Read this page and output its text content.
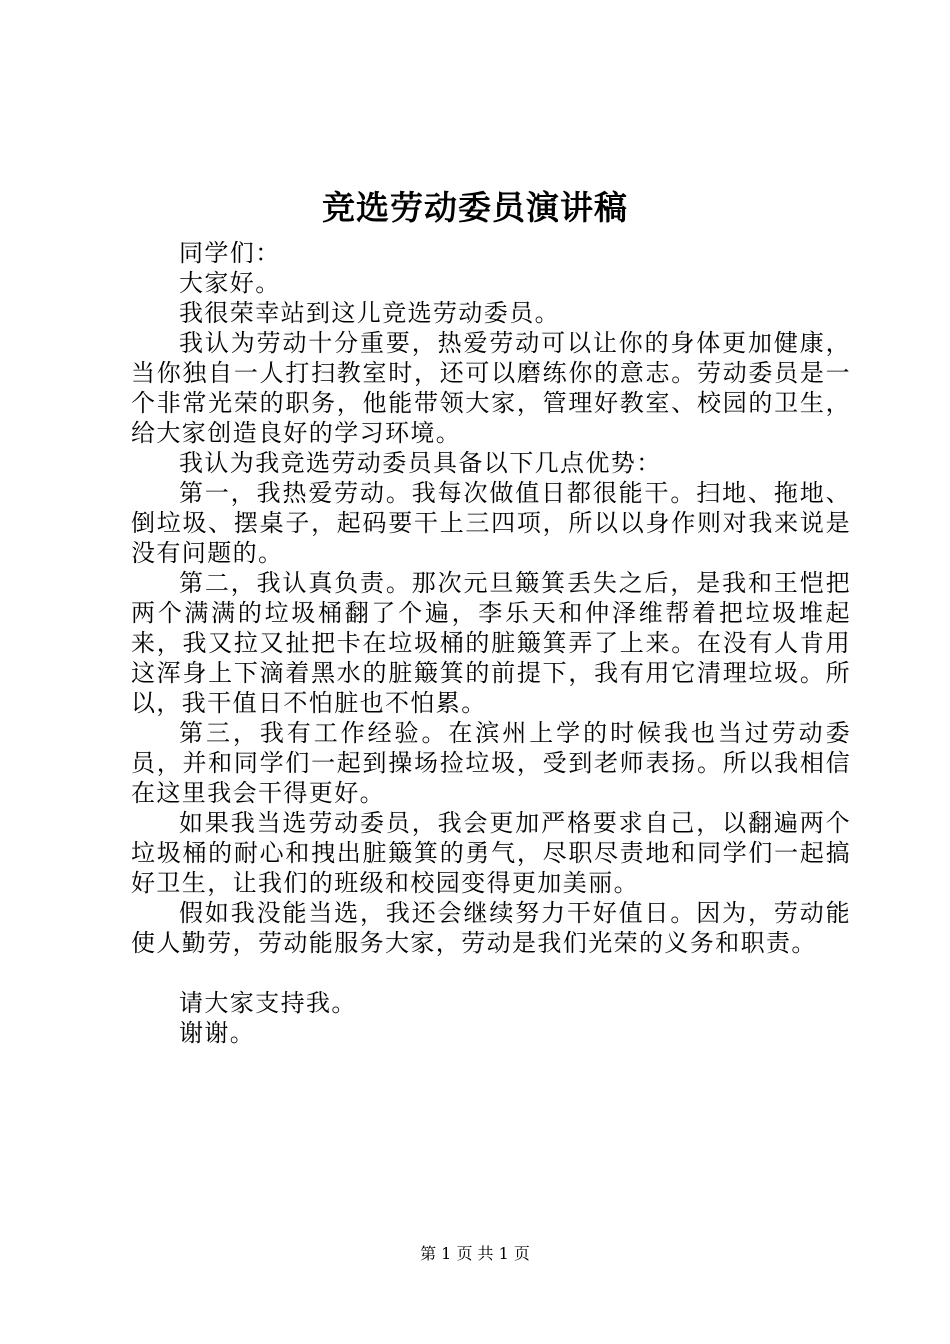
竞选劳动委员演讲稿

同学们：

大家好。

我很荣幸站到这儿竞选劳动委员。

我认为劳动十分重要，热爱劳动可以让你的身体更加健康，当你独自一人打扫教室时，还可以磨练你的意志。劳动委员是一个非常光荣的职务，他能带领大家，管理好教室、校园的卫生，给大家创造良好的学习环境。

我认为我竞选劳动委员具备以下几点优势：

第一，我热爱劳动。我每次做值日都很能干。扫地、拖地、倒垃圾、摆桌子，起码要干上三四项，所以以身作则对我来说是没有问题的。

第二，我认真负责。那次元旦簸箕丢失之后，是我和王恺把两个满满的垃圾桶翻了个遍，李乐天和仲泽维帮着把垃圾堆起来，我又拉又扯把卡在垃圾桶的脏簸箕弄了上来。在没有人肯用这浑身上下滴着黑水的脏簸箕的前提下，我有用它清理垃圾。所以，我干值日不怕脏也不怕累。

第三，我有工作经验。在滨州上学的时候我也当过劳动委员，并和同学们一起到操场捡垃圾，受到老师表扬。所以我相信在这里我会干得更好。

如果我当选劳动委员，我会更加严格要求自己，以翻遍两个垃圾桶的耐心和拽出脏簸箕的勇气，尽职尽责地和同学们一起搞好卫生，让我们的班级和校园变得更加美丽。

假如我没能当选，我还会继续努力干好值日。因为，劳动能使人勤劳，劳动能服务大家，劳动是我们光荣的义务和职责。

请大家支持我。

谢谢。

第 1 页 共 1 页
